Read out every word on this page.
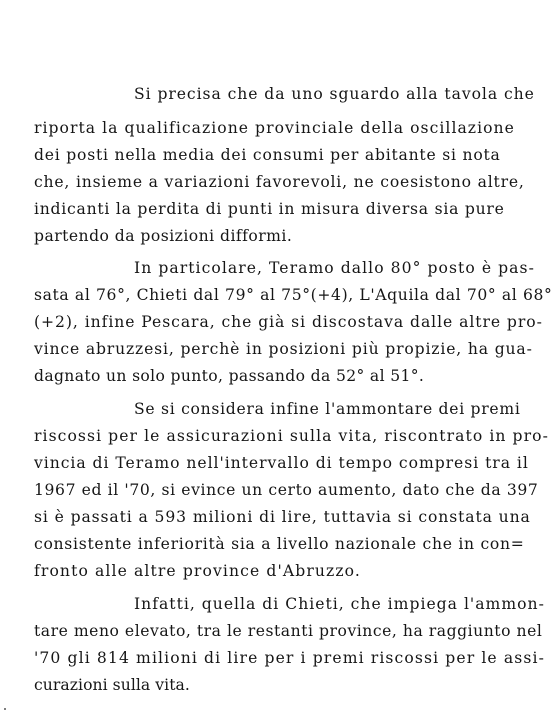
Si precisa che da uno sguardo alla tavola che
riporta la qualificazione provinciale della oscillazione
dei posti nella media dei consumi per abitante si nota
che, insieme a variazioni favorevoli, ne coesistono altre,
indicanti la perdita di punti in misura diversa sia pure
partendo da posizioni difformi.
In particolare, Teramo dallo 80° posto è pas-
sata al 76°, Chieti dal 79° al 75°(+4), L'Aquila dal 70° al 68°
(+2), infine Pescara, che già si discostava dalle altre pro-
vince abruzzesi, perchè in posizioni più propizie, ha gua-
dagnato un solo punto, passando da 52° al 51°.
Se si considera infine l'ammontare dei premi
riscossi per le assicurazioni sulla vita, riscontrato in pro-
vincia di Teramo nell'intervallo di tempo compresi tra il
1967 ed il '70, si evince un certo aumento, dato che da 397
si è passati a 593 milioni di lire, tuttavia si constata una
consistente inferiorità sia a livello nazionale che in con=
fronto alle altre province d'Abruzzo.
Infatti, quella di Chieti, che impiega l'ammon-
tare meno elevato, tra le restanti province, ha raggiunto nel
'70 gli 814 milioni di lire per i premi riscossi per le assi-
curazioni sulla vita.
